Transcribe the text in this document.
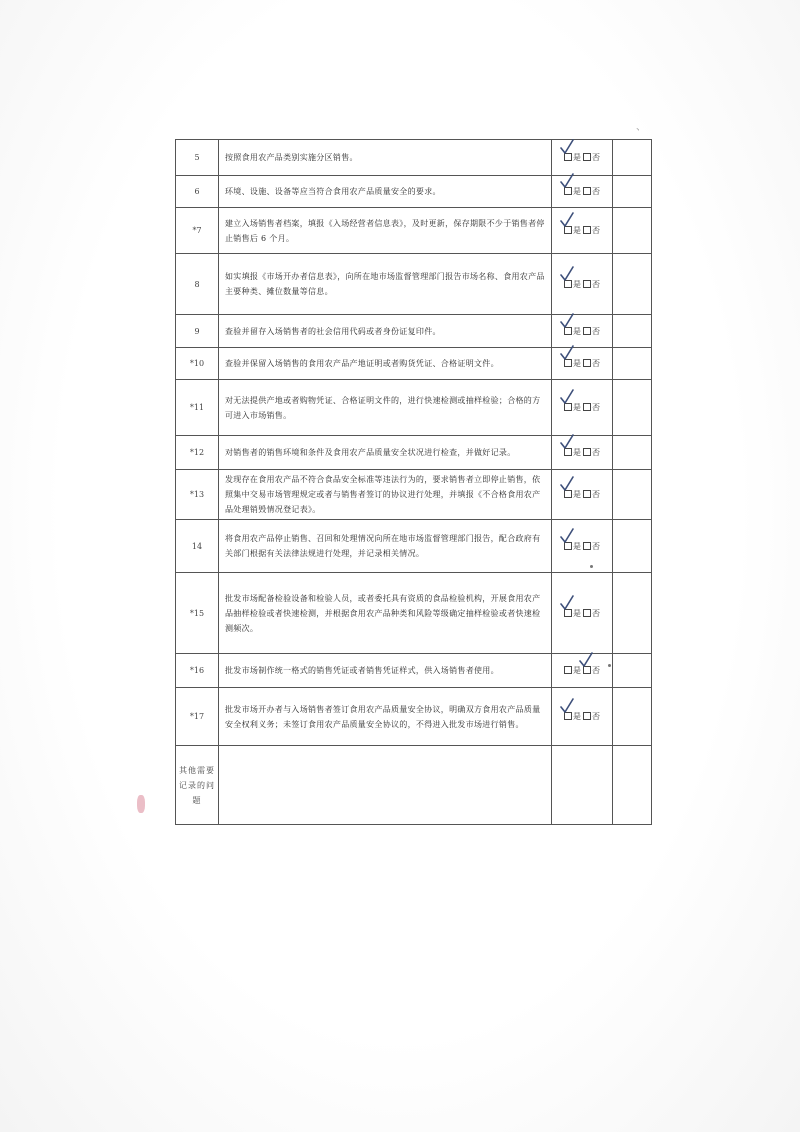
、
5	按照食用农产品类别实施分区销售。	是 否	
6	环境、设施、设备等应当符合食用农产品质量安全的要求。	是 否	
*7	建立入场销售者档案，填报《入场经营者信息表》，及时更新，保存期限不少于销售者停止销售后 6 个月。	是 否	
8	如实填报《市场开办者信息表》，向所在地市场监督管理部门报告市场名称、食用农产品主要种类、摊位数量等信息。	是 否	
9	查验并留存入场销售者的社会信用代码或者身份证复印件。	是 否	
*10	查验并保留入场销售的食用农产品产地证明或者购货凭证、合格证明文件。	是 否	
*11	对无法提供产地或者购物凭证、合格证明文件的，进行快速检测或抽样检验；合格的方可进入市场销售。	是 否	
*12	对销售者的销售环境和条件及食用农产品质量安全状况进行检查，并做好记录。	是 否	
*13	发现存在食用农产品不符合食品安全标准等违法行为的，要求销售者立即停止销售，依照集中交易市场管理规定或者与销售者签订的协议进行处理，并填报《不合格食用农产品处理销毁情况登记表》。	是 否	
14	将食用农产品停止销售、召回和处理情况向所在地市场监督管理部门报告，配合政府有关部门根据有关法律法规进行处理，并记录相关情况。	是 否	
*15	批发市场配备检验设备和检验人员，或者委托具有资质的食品检验机构，开展食用农产品抽样检验或者快速检测，并根据食用农产品种类和风险等级确定抽样检验或者快速检测频次。	是 否	
*16	批发市场制作统一格式的销售凭证或者销售凭证样式，供入场销售者使用。	是 否

*17	批发市场开办者与入场销售者签订食用农产品质量安全协议，明确双方食用农产品质量安全权利义务；未签订食用农产品质量安全协议的，不得进入批发市场进行销售。	是 否	
其他需要记录的问题			
